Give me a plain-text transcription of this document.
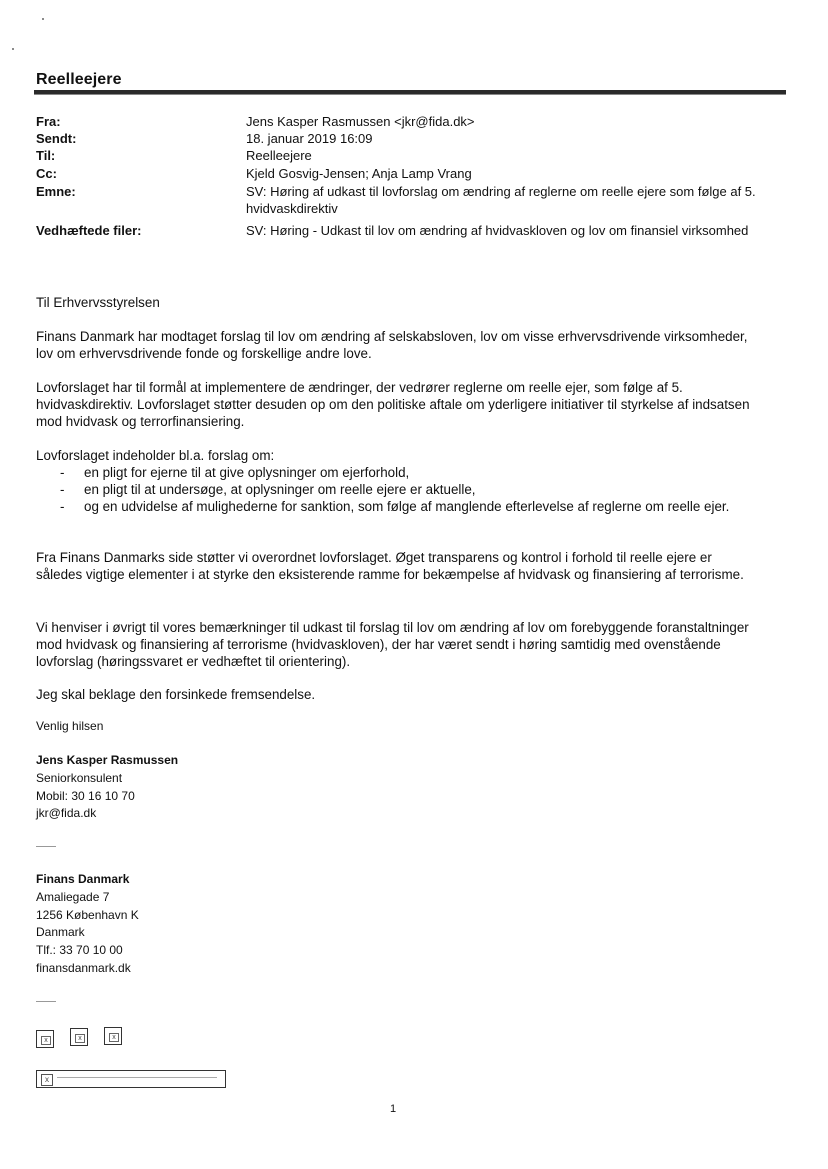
Reelleejere
Fra:	Jens Kasper Rasmussen <jkr@fida.dk>
Sendt:	18. januar 2019 16:09
Til:	Reelleejere
Cc:	Kjeld Gosvig-Jensen; Anja Lamp Vrang
Emne:	SV: Høring af udkast til lovforslag om ændring af reglerne om reelle ejere som følge af 5. hvidvaskdirektiv
Vedhæftede filer:	SV: Høring - Udkast til lov om ændring af hvidvaskloven og lov om finansiel virksomhed
Til Erhvervsstyrelsen
Finans Danmark har modtaget forslag til lov om ændring af selskabsloven, lov om visse erhvervsdrivende virksomheder, lov om erhvervsdrivende fonde og forskellige andre love.
Lovforslaget har til formål at implementere de ændringer, der vedrører reglerne om reelle ejer, som følge af 5. hvidvaskdirektiv. Lovforslaget støtter desuden op om den politiske aftale om yderligere initiativer til styrkelse af indsatsen mod hvidvask og terrorfinansiering.
Lovforslaget indeholder bl.a. forslag om:
- en pligt for ejerne til at give oplysninger om ejerforhold,
- en pligt til at undersøge, at oplysninger om reelle ejere er aktuelle,
- og en udvidelse af mulighederne for sanktion, som følge af manglende efterlevelse af reglerne om reelle ejer.
Fra Finans Danmarks side støtter vi overordnet lovforslaget. Øget transparens og kontrol i forhold til reelle ejere er således vigtige elementer i at styrke den eksisterende ramme for bekæmpelse af hvidvask og finansiering af terrorisme.
Vi henviser i øvrigt til vores bemærkninger til udkast til forslag til lov om ændring af lov om forebyggende foranstaltninger mod hvidvask og finansiering af terrorisme (hvidvaskloven), der har været sendt i høring samtidig med ovenstående lovforslag (høringssvaret er vedhæftet til orientering).
Jeg skal beklage den forsinkede fremsendelse.
Venlig hilsen
Jens Kasper Rasmussen
Seniorkonsulent
Mobil: 30 16 10 70
jkr@fida.dk
Finans Danmark
Amaliegade 7
1256 København K
Danmark
Tlf.: 33 70 10 00
finansdanmark.dk
x	x	x
x
1
